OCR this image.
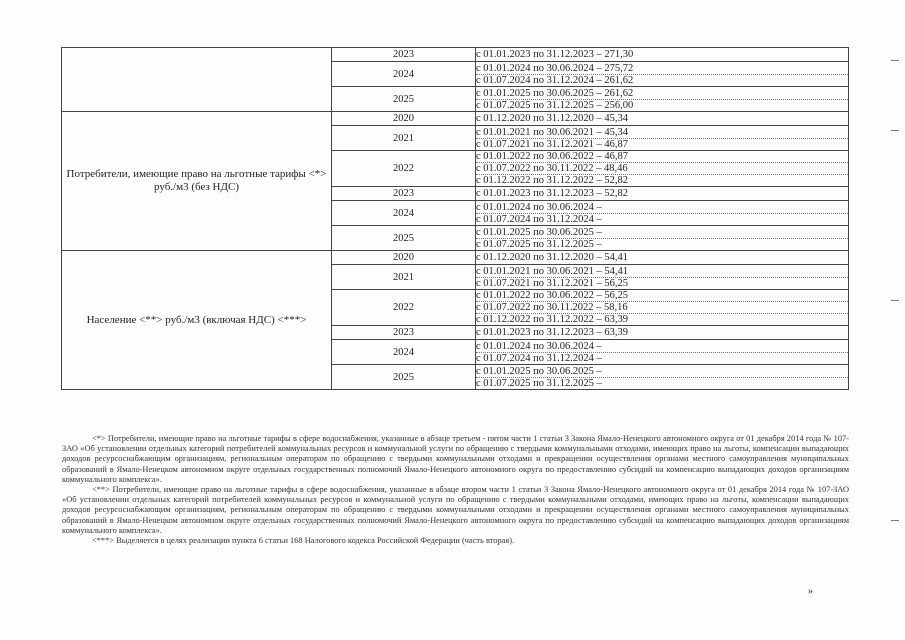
	2023	с 01.01.2023 по 31.12.2023 – 271,30

	2024	с 01.01.2024 по 30.06.2024 – 275,72
с 01.07.2024 по 31.12.2024 – 261,62

	2025	с 01.01.2025 по 30.06.2025 – 261,62
с 01.07.2025 по 31.12.2025 – 256,00

Потребители, имеющие право на льготные тарифы <*> руб./м3 (без НДС)	2020	с 01.12.2020 по 31.12.2020 – 45,34

	2021	с 01.01.2021 по 30.06.2021 – 45,34
с 01.07.2021 по 31.12.2021 – 46,87

	2022	с 01.01.2022 по 30.06.2022 – 46,87
с 01.07.2022 по 30.11.2022 – 48,46
с 01.12.2022 по 31.12.2022 – 52,82

	2023	с 01.01.2023 по 31.12.2023 – 52,82

	2024	с 01.01.2024 по 30.06.2024 –
с 01.07.2024 по 31.12.2024 –

	2025	с 01.01.2025 по 30.06.2025 –
с 01.07.2025 по 31.12.2025 –

Население <**> руб./м3 (включая НДС) <***>	2020	с 01.12.2020 по 31.12.2020 – 54,41

	2021	с 01.01.2021 по 30.06.2021 – 54,41
с 01.07.2021 по 31.12.2021 – 56,25

	2022	с 01.01.2022 по 30.06.2022 – 56,25
с 01.07.2022 по 30.11.2022 – 58,16
с 01.12.2022 по 31.12.2022 – 63,39

	2023	с 01.01.2023 по 31.12.2023 – 63,39

	2024	с 01.01.2024 по 30.06.2024 –
с 01.07.2024 по 31.12.2024 –

	2025	с 01.01.2025 по 30.06.2025 –
с 01.07.2025 по 31.12.2025 –

<*> Потребители, имеющие право на льготные тарифы в сфере водоснабжения, указанные в абзаце третьем - пятом части 1 статьи 3 Закона Ямало-Ненецкого автономного округа от 01 декабря 2014 года № 107-ЗАО «Об установлении отдельных категорий потребителей коммунальных ресурсов и коммунальной услуги по обращению с твердыми коммунальными отходами, имеющих право на льготы, компенсации выпадающих доходов ресурсоснабжающим организациям, региональным операторам по обращению с твердыми коммунальными отходами и прекращении осуществления органами местного самоуправления муниципальных образований в Ямало-Ненецком автономном округе отдельных государственных полномочий Ямало-Ненецкого автономного округа по предоставлению субсидий на компенсацию выпадающих доходов организациям коммунального комплекса».

<**> Потребители, имеющие право на льготные тарифы в сфере водоснабжения, указанные в абзаце втором части 1 статьи 3 Закона Ямало-Ненецкого автономного округа от 01 декабря 2014 года № 107-ЗАО «Об установлении отдельных категорий потребителей коммунальных ресурсов и коммунальной услуги по обращению с твердыми коммунальными отходами, имеющих право на льготы, компенсации выпадающих доходов ресурсоснабжающим организациям, региональным операторам по обращению с твердыми коммунальными отходами и прекращении осуществления органами местного самоуправления муниципальных образований в Ямало-Ненецком автономном округе отдельных государственных полномочий Ямало-Ненецкого автономного округа по предоставлению субсидий на компенсацию выпадающих доходов организациям коммунального комплекса».

<***> Выделяется в целях реализации пункта 6 статьи 168 Налогового кодекса Российской Федерации (часть вторая).

»
